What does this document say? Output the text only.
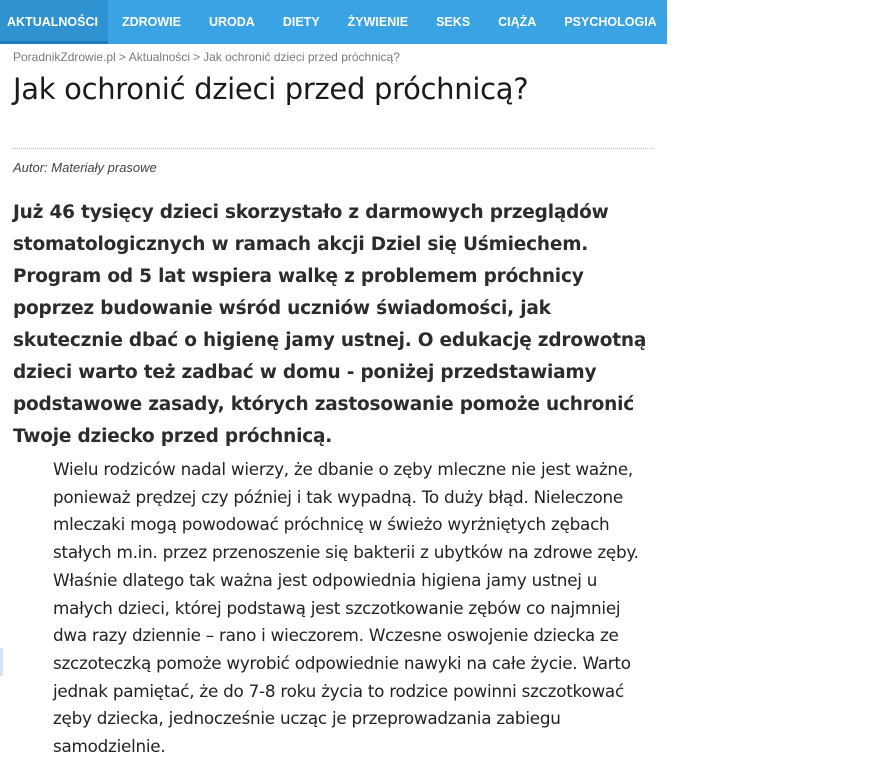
AKTUALNOŚCI	ZDROWIE	URODA	DIETY	ŻYWIENIE	SEKS	CIĄŻA	PSYCHOLOGIA	SPRAWDŹ SIĘ	EKSPERCI
PoradnikZdrowie.pl > Aktualności > Jak ochronić dzieci przed próchnicą?
Jak ochronić dzieci przed próchnicą?
Autor: Materiały prasowe

Już 46 tysięcy dzieci skorzystało z darmowych przeglądów stomatologicznych w ramach akcji Dziel się Uśmiechem. Program od 5 lat wspiera walkę z problemem próchnicy poprzez budowanie wśród uczniów świadomości, jak skutecznie dbać o higienę jamy ustnej. O edukację zdrowotną dzieci warto też zadbać w domu - poniżej przedstawiamy podstawowe zasady, których zastosowanie pomoże uchronić Twoje dziecko przed próchnicą.

Wielu rodziców nadal wierzy, że dbanie o zęby mleczne nie jest ważne, ponieważ prędzej czy później i tak wypadną. To duży błąd. Nieleczone mleczaki mogą powodować próchnicę w świeżo wyrżniętych zębach stałych m.in. przez przenoszenie się bakterii z ubytków na zdrowe zęby. Właśnie dlatego tak ważna jest odpowiednia higiena jamy ustnej u małych dzieci, której podstawą jest szczotkowanie zębów co najmniej dwa razy dziennie – rano i wieczorem. Wczesne oswojenie dziecka ze szczoteczką pomoże wyrobić odpowiednie nawyki na całe życie. Warto jednak pamiętać, że do 7-8 roku życia to rodzice powinni szczotkować zęby dziecka, jednocześnie ucząc je przeprowadzania zabiegu samodzielnie.
